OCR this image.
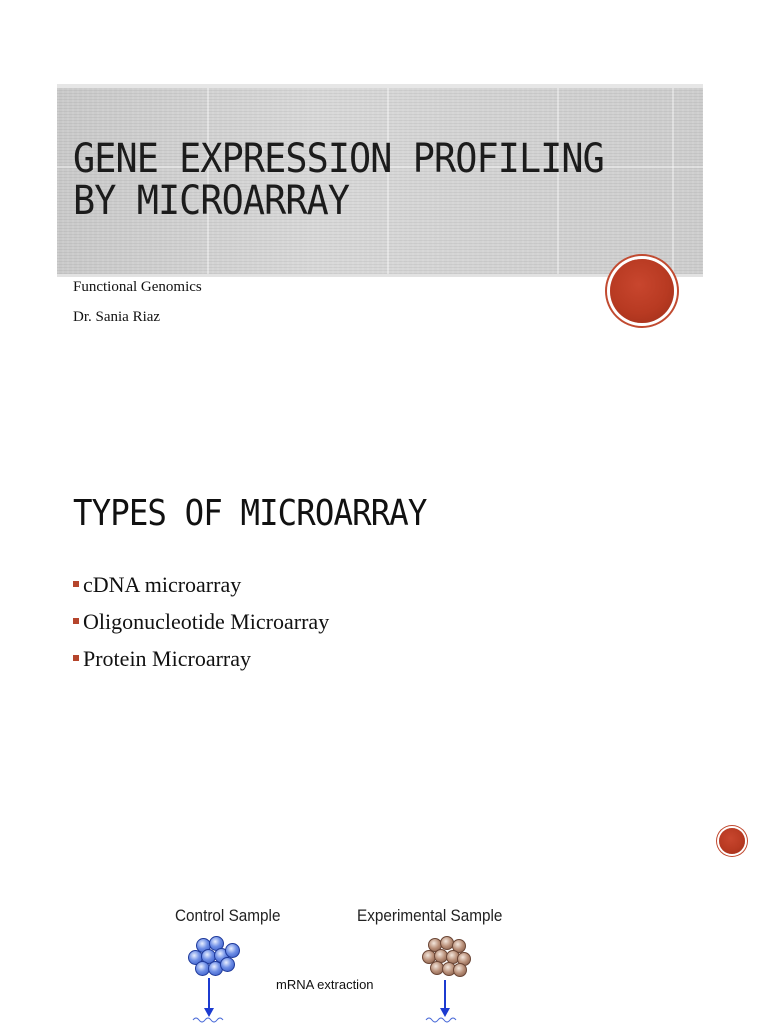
GENE EXPRESSION PROFILING BY MICROARRAY
Functional Genomics
Dr. Sania Riaz
TYPES OF MICROARRAY
cDNA microarray
Oligonucleotide Microarray
Protein Microarray
Control Sample	Experimental Sample
mRNA extraction
